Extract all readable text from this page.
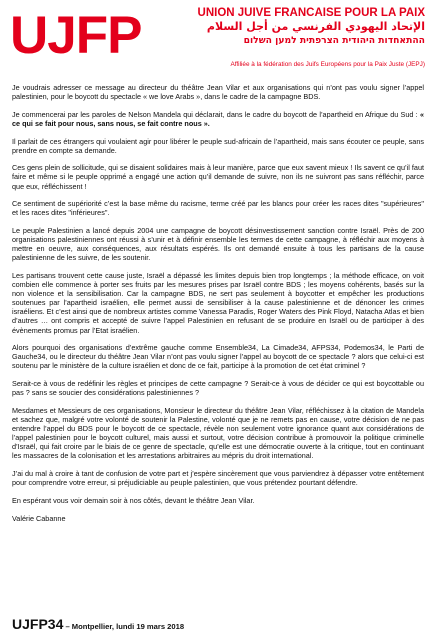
UJFP	UNION JUIVE FRANCAISE POUR LA PAIX
الإتحاد اليهودي الفرنسي من أجل السلام
ההתאחדות היהודית הצרפתית למען השלום
Affiliée à la fédération des Juifs Européens pour la Paix Juste (JEPJ)

Je voudrais adresser ce message au directeur du théâtre Jean Vilar et aux organisations qui n’ont pas voulu signer l’appel palestinien, pour le boycott du spectacle « we love Arabs », dans le cadre de la campagne BDS.

Je commencerai par les paroles de Nelson Mandela qui déclarait, dans le cadre du boycott de l’apartheid en Afrique du Sud : « ce qui se fait pour nous, sans nous, se fait contre nous ».

Il parlait de ces étrangers qui voulaient agir pour libérer le peuple sud-africain de l’apartheid, mais sans écouter ce peuple, sans prendre en compte sa demande.

Ces gens plein de sollicitude, qui se disaient solidaires mais à leur manière, parce que eux savent mieux ! Ils savent ce qu’il faut faire et même si le peuple opprimé a engagé une action qu’il demande de suivre, non ils ne suivront pas sans réfléchir, parce que eux, réfléchissent !

Ce sentiment de supériorité c’est la base même du racisme, terme créé par les blancs pour créer les races dites "supérieures" et les races dites "inférieures".

Le peuple Palestinien a lancé depuis 2004 une campagne de boycott désinvestissement sanction contre Israël. Près de 200 organisations palestiniennes ont réussi à s’unir et à définir ensemble les termes de cette campagne, à réfléchir aux moyens à mettre en oeuvre, aux conséquences, aux résultats espérés. Ils ont demandé ensuite à tous les partisans de la cause palestinienne de les suivre, de les soutenir.

Les partisans trouvent cette cause juste, Israël a dépassé les limites depuis bien trop longtemps ; la méthode efficace, on voit combien elle commence à porter ses fruits par les mesures prises par Israël contre BDS ; les moyens cohérents, basés sur la non violence et la sensibilisation. Car la campagne BDS, ne sert pas seulement à boycotter et empêcher les productions soutenues par l’apartheid israélien, elle permet aussi de sensibiliser à la cause palestinienne et de dénoncer les crimes israéliens. Et c’est ainsi que de nombreux artistes comme Vanessa Paradis, Roger Waters des Pink Floyd, Natacha Atlas et bien d’autres … ont compris et accepté de suivre l’appel Palestinien en refusant de se produire en Israël ou de participer à des évènements promus par l’Etat israélien.

Alors pourquoi des organisations d’extrême gauche comme Ensemble34, La Cimade34, AFPS34, Podemos34, le Parti de Gauche34, ou le directeur du théâtre Jean Vilar n’ont pas voulu signer l’appel au boycott de ce spectacle ? alors que celui-ci est soutenu par le ministère de la culture israélien et donc de ce fait, participe à la promotion de cet état criminel ?

Serait-ce à vous de redéfinir les règles et principes de cette campagne ? Serait-ce à vous de décider ce qui est boycottable ou pas ? sans se soucier des considérations palestiniennes ?

Mesdames et Messieurs de ces organisations, Monsieur le directeur du théâtre Jean Vilar, réfléchissez à la citation de Mandela et sachez que, malgré votre volonté de soutenir la Palestine, volonté que je ne remets pas en cause, votre décision de ne pas entendre l’appel du BDS pour le boycott de ce spectacle, révèle non seulement votre ignorance quant aux considérations de l’appel palestinien pour le boycott culturel, mais aussi et surtout, votre décision contribue à promouvoir la politique criminelle d’Israël, qui fait croire par le biais de ce genre de spectacle, qu’elle est une démocratie ouverte à la critique, tout en continuant les massacres de la colonisation et les arrestations arbitraires au mépris du droit international.

J’ai du mal à croire à tant de confusion de votre part et j’espère sincèrement que vous parviendrez à dépasser votre entêtement pour comprendre votre erreur, si préjudiciable au peuple palestinien, que vous prétendez pourtant défendre.

En espérant vous voir demain soir à nos côtés, devant le théâtre Jean Vilar.

Valérie Cabanne

UJFP34 – Montpellier, lundi 19 mars 2018
